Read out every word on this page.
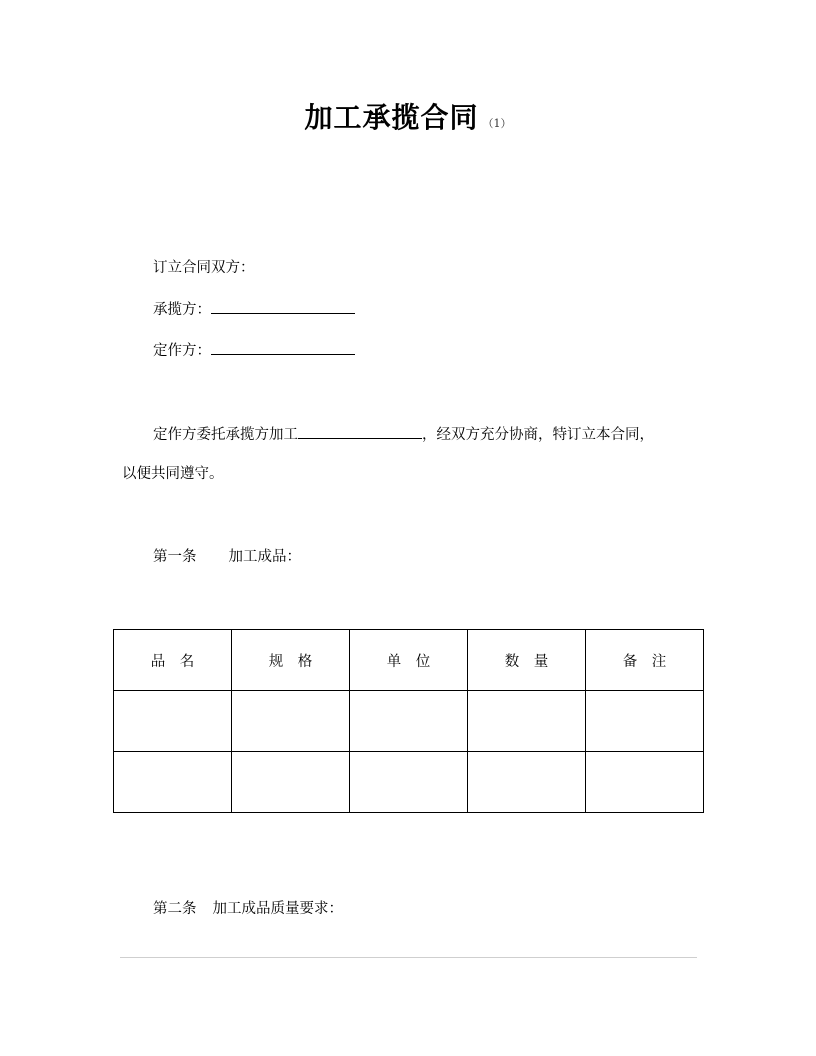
加工承揽合同 （1）
订立合同双方：
承揽方：
定作方：
定作方委托承揽方加工	，经双方充分协商，特订立本合同，
以便共同遵守。
第一条 加工成品：
品　名	规　格	单　位	数　量	备　注

第二条 加工成品质量要求：
